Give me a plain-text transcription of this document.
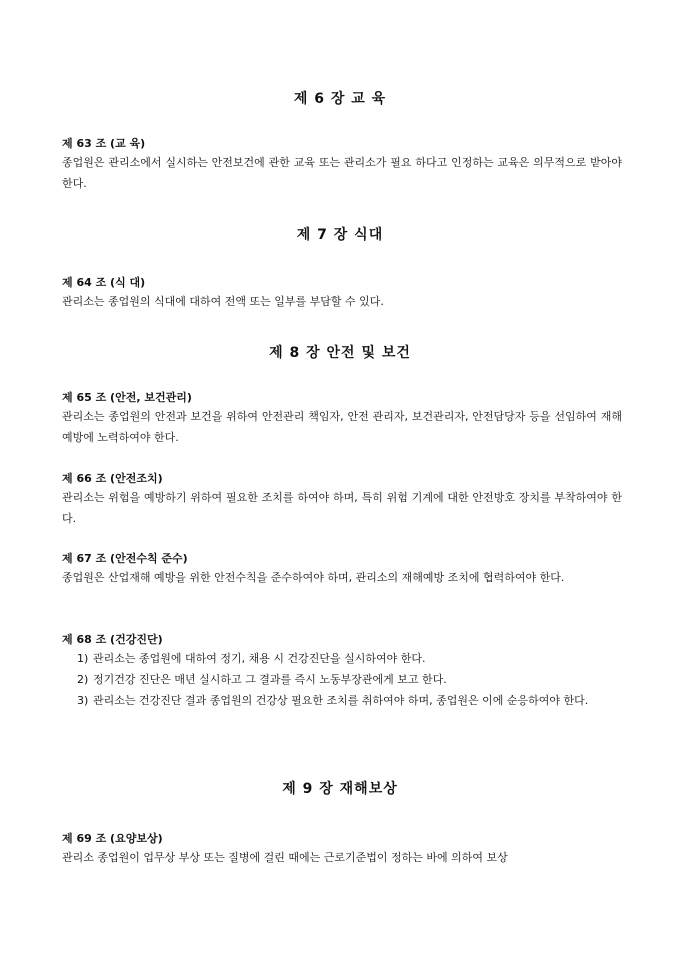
제 6 장 교 육
제 63 조 (교 육)
종업원은 관리소에서 실시하는 안전보건에 관한 교육 또는 관리소가 필요 하다고 인정하는 교육은 의무적으로 받아야 한다.
제 7 장 식대
제 64 조 (식 대)
관리소는 종업원의 식대에 대하여 전액 또는 일부를 부담할 수 있다.
제 8 장 안전 및 보건
제 65 조 (안전, 보건관리)
관리소는 종업원의 안전과 보건을 위하여 안전관리 책임자, 안전 관리자, 보건관리자, 안전담당자 등을 선임하여 재해예방에 노력하여야 한다.
제 66 조 (안전조치)
관리소는 위험을 예방하기 위하여 필요한 조치를 하여야 하며, 특히 위험 기계에 대한 안전방호 장치를 부착하여야 한다.
제 67 조 (안전수칙 준수)
종업원은 산업재해 예방을 위한 안전수칙을 준수하여야 하며, 관리소의 재해예방 조치에 협력하여야 한다.
제 68 조 (건강진단)
1) 관리소는 종업원에 대하여 정기, 채용 시 건강진단을 실시하여야 한다.
2) 정기건강 진단은 매년 실시하고 그 결과를 즉시 노동부장관에게 보고 한다.
3) 관리소는 건강진단 결과 종업원의 건강상 필요한 조치를 취하여야 하며, 종업원은 이에 순응하여야 한다.
제 9 장 재해보상
제 69 조 (요양보상)
관리소 종업원이 업무상 부상 또는 질병에 걸린 때에는 근로기준법이 정하는 바에 의하여 보상
